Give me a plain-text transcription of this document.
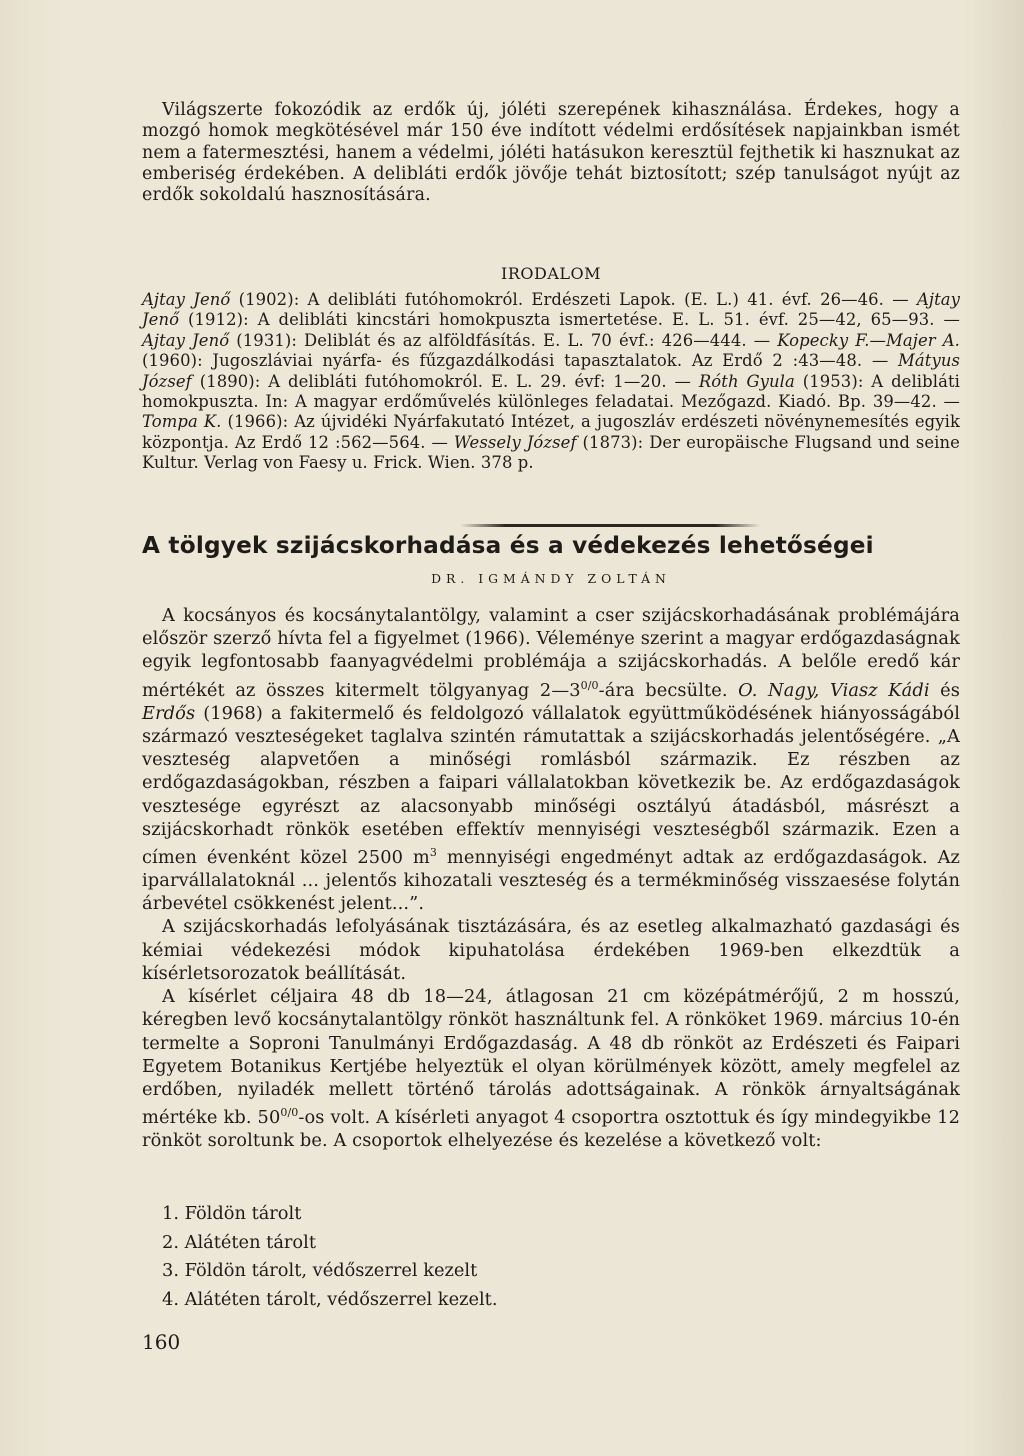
Világszerte fokozódik az erdők új, jóléti szerepének kihasználása. Érdekes, hogy a mozgó homok megkötésével már 150 éve indított védelmi erdősítések napjainkban ismét nem a fatermesztési, hanem a védelmi, jóléti hatásukon keresztül fejthetik ki hasznukat az emberiség érdekében. A delibláti erdők jövője tehát biztosított; szép tanulságot nyújt az erdők sokoldalú hasznosítására.

IRODALOM

Ajtay Jenő (1902): A delibláti futóhomokról. Erdészeti Lapok. (E. L.) 41. évf. 26—46. — Ajtay Jenő (1912): A delibláti kincstári homokpuszta ismertetése. E. L. 51. évf. 25—42, 65—93. — Ajtay Jenő (1931): Deliblát és az alföldfásítás. E. L. 70 évf.: 426—444. — Kopecky F.—Majer A. (1960): Jugoszláviai nyárfa- és fűzgazdálkodási tapasztalatok. Az Erdő 2 :43—48. — Mátyus József (1890): A delibláti futóhomokról. E. L. 29. évf: 1—20. — Róth Gyula (1953): A delibláti homokpuszta. In: A magyar erdőművelés különleges feladatai. Mezőgazd. Kiadó. Bp. 39—42. — Tompa K. (1966): Az újvidéki Nyárfakutató Intézet, a jugoszláv erdészeti növénynemesítés egyik központja. Az Erdő 12 :562—564. — Wessely József (1873): Der europäische Flugsand und seine Kultur. Verlag von Faesy u. Frick. Wien. 378 p.

A tölgyek szijácskorhadása és a védekezés lehetőségei
DR. IGMÁNDY ZOLTÁN

A kocsányos és kocsánytalantölgy, valamint a cser szijácskorhadásának problémájára először szerző hívta fel a figyelmet (1966). Véleménye szerint a magyar erdőgazdaságnak egyik legfontosabb faanyagvédelmi problémája a szijácskorhadás. A belőle eredő kár mértékét az összes kitermelt tölgyanyag $2—3^{0/0}$-ára becsülte. O. Nagy, Viasz Kádi és Erdős (1968) a fakitermelő és feldolgozó vállalatok együttműködésének hiányosságából származó veszteségeket taglalva szintén rámutattak a szijácskorhadás jelentőségére. „A veszteség alapvetően a minőségi romlásból származik. Ez részben az erdőgazdaságokban, részben a faipari vállalatokban következik be. Az erdőgazdaságok vesztesége egyrészt az alacsonyabb minőségi osztályú átadásból, másrészt a szijácskorhadt rönkök esetében effektív mennyiségi veszteségből származik. Ezen a címen évenként közel 2500 $m^3$ mennyiségi engedményt adtak az erdőgazdaságok. Az iparvállalatoknál ... jelentős kihozatali veszteség és a termékminőség visszaesése folytán árbevétel csökkenést jelent...”.

A szijácskorhadás lefolyásának tisztázására, és az esetleg alkalmazható gazdasági és kémiai védekezési módok kipuhatolása érdekében 1969-ben elkezdtük a kísérletsorozatok beállítását.

A kísérlet céljaira 48 db 18—24, átlagosan 21 cm középátmérőjű, 2 m hosszú, kéregben levő kocsánytalantölgy rönköt használtunk fel. A rönköket 1969. március 10-én termelte a Soproni Tanulmányi Erdőgazdaság. A 48 db rönköt az Erdészeti és Faipari Egyetem Botanikus Kertjébe helyeztük el olyan körülmények között, amely megfelel az erdőben, nyiladék mellett történő tárolás adottságainak. A rönkök árnyaltságának mértéke kb. $50^{0/0}-os$ volt. A kísérleti anyagot 4 csoportra osztottuk és így mindegyikbe 12 rönköt soroltunk be. A csoportok elhelyezése és kezelése a következő volt:

1. Földön tárolt
2. Alátéten tárolt
3. Földön tárolt, védőszerrel kezelt
4. Alátéten tárolt, védőszerrel kezelt.
160
